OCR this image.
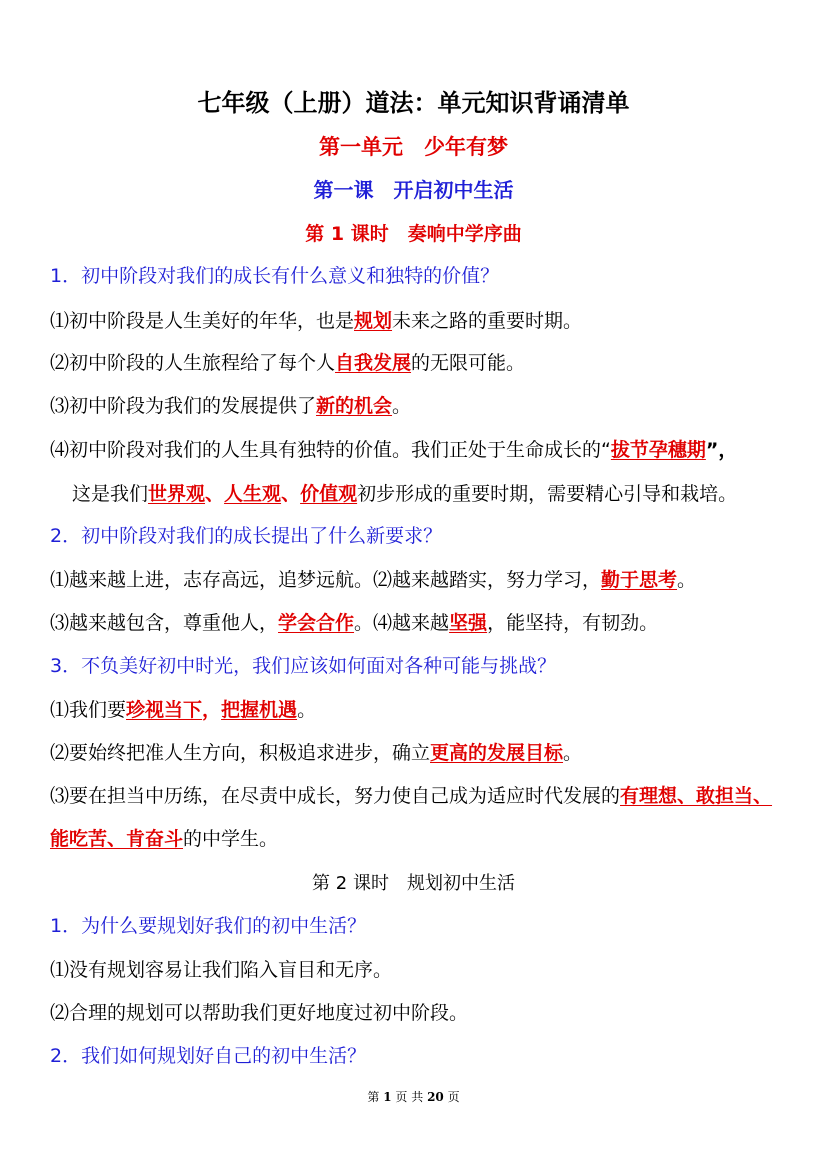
七年级（上册）道法：单元知识背诵清单
第一单元　少年有梦
第一课　开启初中生活
第 1 课时　奏响中学序曲
1．初中阶段对我们的成长有什么意义和独特的价值？
⑴初中阶段是人生美好的年华，也是规划未来之路的重要时期。
⑵初中阶段的人生旅程给了每个人自我发展的无限可能。
⑶初中阶段为我们的发展提供了新的机会。
⑷初中阶段对我们的人生具有独特的价值。我们正处于生命成长的“拔节孕穗期”，
这是我们世界观、人生观、价值观初步形成的重要时期，需要精心引导和栽培。
2．初中阶段对我们的成长提出了什么新要求？
⑴越来越上进，志存高远，追梦远航。⑵越来越踏实，努力学习，勤于思考。
⑶越来越包含，尊重他人，学会合作。⑷越来越坚强，能坚持，有韧劲。
3．不负美好初中时光，我们应该如何面对各种可能与挑战？
⑴我们要珍视当下，把握机遇。
⑵要始终把准人生方向，积极追求进步，确立更高的发展目标。
⑶要在担当中历练，在尽责中成长，努力使自己成为适应时代发展的有理想、敢担当、
能吃苦、肯奋斗的中学生。
第 2 课时　规划初中生活
1．为什么要规划好我们的初中生活？
⑴没有规划容易让我们陷入盲目和无序。
⑵合理的规划可以帮助我们更好地度过初中阶段。
2．我们如何规划好自己的初中生活？
第 1 页 共 20 页
